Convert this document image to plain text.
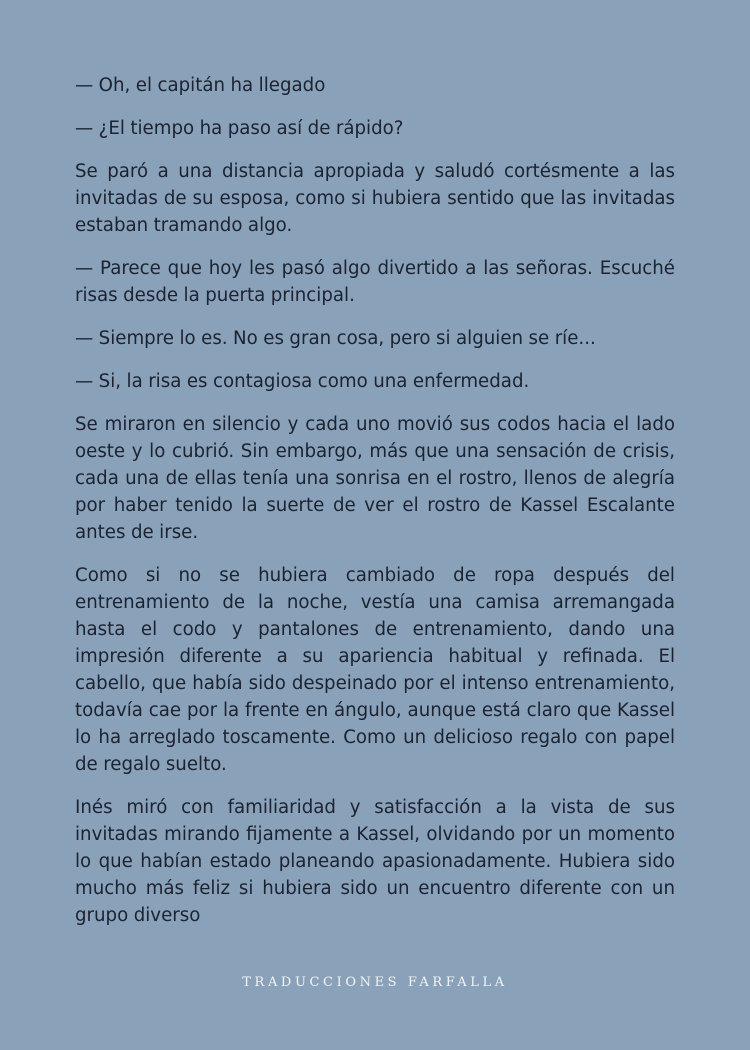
— Oh, el capitán ha llegado

— ¿El tiempo ha paso así de rápido?

Se paró a una distancia apropiada y saludó cortésmente a las invitadas de su esposa, como si hubiera sentido que las invitadas estaban tramando algo.

— Parece que hoy les pasó algo divertido a las señoras. Escuché risas desde la puerta principal.

— Siempre lo es. No es gran cosa, pero si alguien se ríe...

— Si, la risa es contagiosa como una enfermedad.

Se miraron en silencio y cada uno movió sus codos hacia el lado oeste y lo cubrió. Sin embargo, más que una sensación de crisis, cada una de ellas tenía una sonrisa en el rostro, llenos de alegría por haber tenido la suerte de ver el rostro de Kassel Escalante antes de irse.

Como si no se hubiera cambiado de ropa después del entrenamiento de la noche, vestía una camisa arremangada hasta el codo y pantalones de entrenamiento, dando una impresión diferente a su apariencia habitual y refinada. El cabello, que había sido despeinado por el intenso entrenamiento, todavía cae por la frente en ángulo, aunque está claro que Kassel lo ha arreglado toscamente. Como un delicioso regalo con papel de regalo suelto.

Inés miró con familiaridad y satisfacción a la vista de sus invitadas mirando fijamente a Kassel, olvidando por un momento lo que habían estado planeando apasionadamente. Hubiera sido mucho más feliz si hubiera sido un encuentro diferente con un grupo diverso

TRADUCCIONES FARFALLA
